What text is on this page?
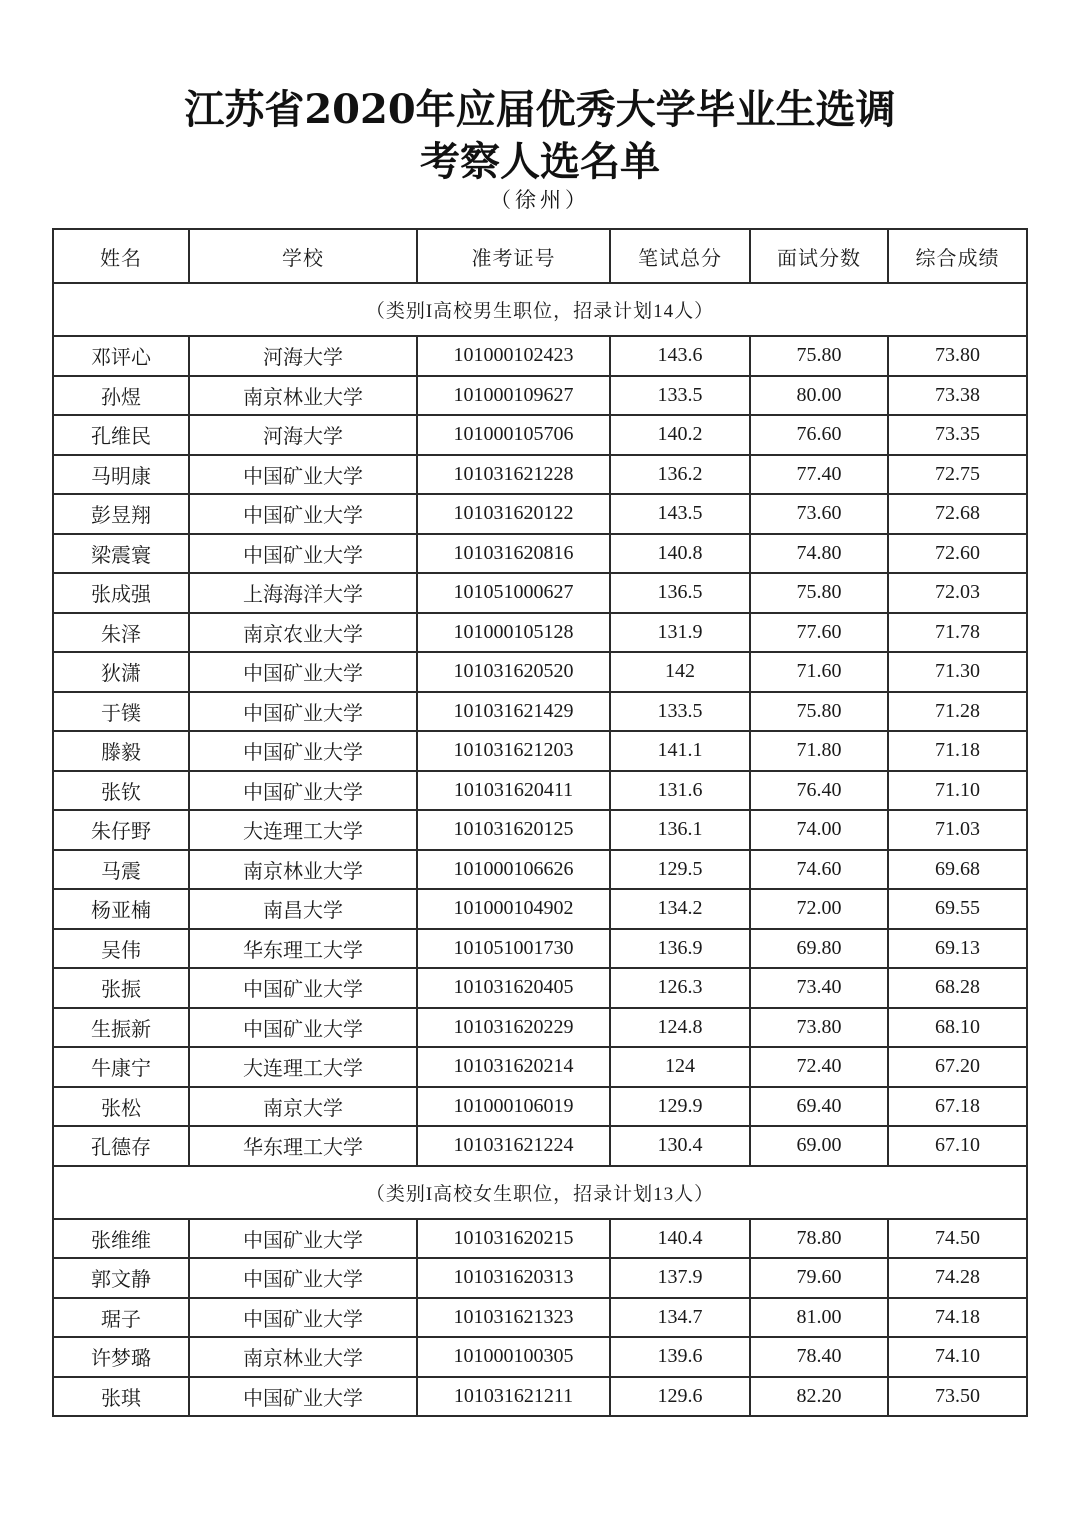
江苏省2020年应届优秀大学毕业生选调
考察人选名单
（徐州）
姓名	学校	准考证号	笔试总分	面试分数	综合成绩
（类别I高校男生职位，招录计划14人）					
邓评心	河海大学	101000102423	143.6	75.80	73.80
孙煜	南京林业大学	101000109627	133.5	80.00	73.38
孔维民	河海大学	101000105706	140.2	76.60	73.35
马明康	中国矿业大学	101031621228	136.2	77.40	72.75
彭昱翔	中国矿业大学	101031620122	143.5	73.60	72.68
梁震寰	中国矿业大学	101031620816	140.8	74.80	72.60
张成强	上海海洋大学	101051000627	136.5	75.80	72.03
朱泽	南京农业大学	101000105128	131.9	77.60	71.78
狄潇	中国矿业大学	101031620520	142	71.60	71.30
于镤	中国矿业大学	101031621429	133.5	75.80	71.28
滕毅	中国矿业大学	101031621203	141.1	71.80	71.18
张钦	中国矿业大学	101031620411	131.6	76.40	71.10
朱仔野	大连理工大学	101031620125	136.1	74.00	71.03
马震	南京林业大学	101000106626	129.5	74.60	69.68
杨亚楠	南昌大学	101000104902	134.2	72.00	69.55
吴伟	华东理工大学	101051001730	136.9	69.80	69.13
张振	中国矿业大学	101031620405	126.3	73.40	68.28
生振新	中国矿业大学	101031620229	124.8	73.80	68.10
牛康宁	大连理工大学	101031620214	124	72.40	67.20
张松	南京大学	101000106019	129.9	69.40	67.18
孔德存	华东理工大学	101031621224	130.4	69.00	67.10
（类别I高校女生职位，招录计划13人）					
张维维	中国矿业大学	101031620215	140.4	78.80	74.50
郭文静	中国矿业大学	101031620313	137.9	79.60	74.28
琚子	中国矿业大学	101031621323	134.7	81.00	74.18
许梦璐	南京林业大学	101000100305	139.6	78.40	74.10
张琪	中国矿业大学	101031621211	129.6	82.20	73.50
